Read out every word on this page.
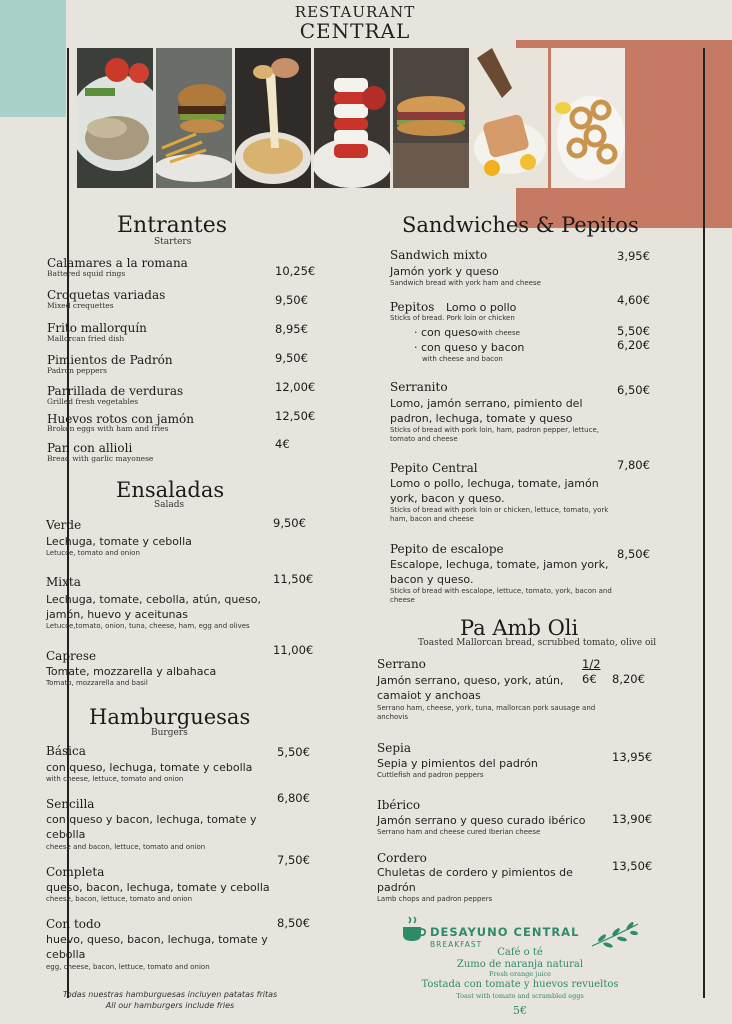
RESTAURANT
CENTRAL
Entrantes
Starters
Calamares a la romana
Battered squid rings	10,25€
Croquetas variadas
Mixed crequettes	9,50€
Frito mallorquín
Mallorcan fried dish
8,95€
Pimientos de Padrón
Padron peppers
9,50€
Parrillada de verduras
Grilled fresh vegetables
12,00€
Huevos rotos con jamón
Broken eggs with ham and fries
12,50€
Pan con allioli
Bread with garlic mayonese
4€
Ensaladas
Salads
Verde
Lechuga, tomate y cebolla
Letucce, tomato and onion
9,50€
Mixta
Lechuga, tomate, cebolla, atún, queso, jamón, huevo y aceitunas
Letucce,tomato, onion, tuna, cheese, ham, egg and olives
11,50€
Caprese
Tomate, mozzarella y albahaca
Tomato, mozzarella and basil
11,00€
Hamburguesas
Burgers
Básica
con queso, lechuga, tomate y cebolla
with cheese, lettuce, tomato and onion
5,50€
Sencilla
con queso y bacon, lechuga, tomate y cebolla
cheese and bacon, lettuce, tomato and onion
6,80€
Completa
queso, bacon, lechuga, tomate y cebolla
cheese, bacon, lettuce, tomato and onion
7,50€
Con todo
huevo, queso, bacon, lechuga, tomate y cebolla
egg, cheese, bacon, lettuce, tomato and onion
8,50€
Todas nuestras hamburguesas incluyen patatas fritas
All our hamburgers include fries
Sandwiches & Pepitos
Sandwich mixto
Jamón york y queso
Sandwich bread with york ham and cheese
3,95€
Pepitos Lomo o pollo
Sticks of bread. Pork loin or chicken
4,60€
· con queso with cheese	5,50€
· con queso y bacon
with cheese and bacon
6,20€
Serranito
Lomo, jamón serrano, pimiento del padron, lechuga, tomate y queso
Sticks of bread with pork loin, ham, padron pepper, lettuce, tomato and cheese
6,50€
Pepito Central
Lomo o pollo, lechuga, tomate, jamón york, bacon y queso.
Sticks of bread with pork loin or chicken, lettuce, tomato, york ham, bacon and cheese
7,80€
Pepito de escalope
Escalope, lechuga, tomate, jamon york, bacon y queso.
Sticks of bread with escalope, lettuce, tomato, york, bacon and cheese
8,50€
Pa Amb Oli
Toasted Mallorcan bread, scrubbed tomato, olive oil
Serrano	1/2
6€ 8,20€
Jamón serrano, queso, york, atún, camaiot y anchoas
Serrano ham, cheese, york, tuna, mallorcan pork sausage and anchovis
Sepia
Sepia y pimientos del padrón
Cuttlefish and padron peppers
13,95€
Ibérico
Jamón serrano y queso curado ibérico
Serrano ham and cheese cured Iberian cheese
13,90€
Cordero
Chuletas de cordero y pimientos de padrón
Lamb chops and padron peppers
13,50€
DESAYUNO CENTRAL
BREAKFAST
Café o té
Zumo de naranja natural
Fresh orange juice
Tostada con tomate y huevos revueltos
Toast with tomato and scrambled eggs
5€
